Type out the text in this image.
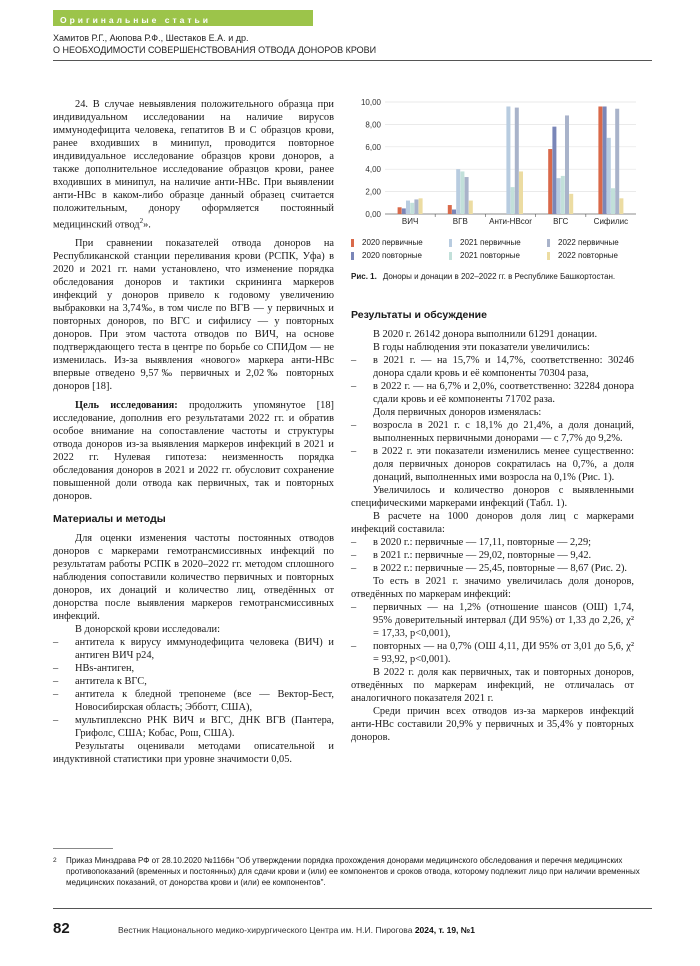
Оригинальные статьи
Хамитов Р.Г., Аюпова Р.Ф., Шестаков Е.А. и др.
О НЕОБХОДИМОСТИ СОВЕРШЕНСТВОВАНИЯ ОТВОДА ДОНОРОВ КРОВИ

24. В случае невыявления положительного образца при индивидуальном исследовании на наличие вирусов иммунодефицита человека, гепатитов В и С образцов крови, ранее входивших в минипул, проводится повторное индивидуальное исследование образцов крови доноров, а также дополнительное исследование образцов крови, ранее входивших в минипул, на наличие анти-HBc. При выявлении анти-HBc в каком-либо образце данный образец считается положительным, донору оформляется постоянный медицинский отвод$^2$».

При сравнении показателей отвода доноров на Республиканской станции переливания крови (РСПК, Уфа) в 2020 и 2021 гг. нами установлено, что изменение порядка обследования доноров и тактики скрининга маркеров инфекций у доноров привело к годовому увеличению выбраковки на 3,74‰, в том числе по ВГВ — у первичных и повторных доноров, по ВГС и сифилису — у повторных доноров. При этом частота отводов по ВИЧ, на основе подтверждающего теста в центре по борьбе со СПИДом — не изменилась. Из-за выявления «нового» маркера анти-HBc впервые отведено 9,57‰ первичных и 2,02‰ повторных доноров [18].

Цель исследования: продолжить упомянутое [18] исследование, дополнив его результатами 2022 гг. и обратив особое внимание на сопоставление частоты и структуры отвода доноров из-за выявления маркеров инфекций в 2021 и 2022 гг. Нулевая гипотеза: неизменность порядка обследования доноров в 2021 и 2022 гг. обусловит сохранение повышенной доли отвода как первичных, так и повторных доноров.

Материалы и методы

Для оценки изменения частоты постоянных отводов доноров с маркерами гемотрансмиссивных инфекций по результатам работы РСПК в 2020–2022 гг. методом сплошного наблюдения сопоставили количество первичных и повторных доноров, их донаций и количество лиц, отведённых от донорства после выявления маркеров гемотрансмиссивных инфекций.

В донорской крови исследовали:

– антитела к вирусу иммунодефицита человека (ВИЧ) и антиген ВИЧ р24,
– HBs-антиген,
– антитела к ВГС,
– антитела к бледной трепонеме (все — Вектор-Бест, Новосибирская область; Эбботт, США),
– мультиплексно РНК ВИЧ и ВГС, ДНК ВГВ (Пантера, Грифолс, США; Кобас, Рош, США).

Результаты оценивали методами описательной и индуктивной статистики при уровне значимости 0,05.

0,00
2,00
4,00
6,00
8,00
10,00
ВИЧ	ВГВ	Анти-HBcor	ВГС	Сифилис
2020 первичные	2021 первичные	2022 первичные
2020 повторные	2021 повторные	2022 повторные
Рис. 1. Доноры и донации в 202–2022 гг. в Республике Башкортостан.
Результаты и обсуждение

В 2020 г. 26142 донора выполнили 61291 донации.

В годы наблюдения эти показатели увеличились:

– в 2021 г. — на 15,7% и 14,7%, соответственно: 30246 донора сдали кровь и её компоненты 70304 раза,
– в 2022 г. — на 6,7% и 2,0%, соответственно: 32284 донора сдали кровь и её компоненты 71702 раза.

Доля первичных доноров изменялась:

– возросла в 2021 г. с 18,1% до 21,4%, а доля донаций, выполненных первичными донорами — с 7,7% до 9,2%.
– в 2022 г. эти показатели изменились менее существенно: доля первичных доноров сократилась на 0,7%, а доля донаций, выполненных ими возросла на 0,1% (Рис. 1).

Увеличилось и количество доноров с выявленными специфическими маркерами инфекций (Табл. 1).

В расчете на 1000 доноров доля лиц с маркерами инфекций составила:

– в 2020 г.: первичные — 17,11, повторные — 2,29;
– в 2021 г.: первичные — 29,02, повторные — 9,42.
– в 2022 г.: первичные — 25,45, повторные — 8,67 (Рис. 2).

То есть в 2021 г. значимо увеличилась доля доноров, отведённых по маркерам инфекций:

– первичных — на 1,2% (отношение шансов (ОШ) 1,74, 95% доверительный интервал (ДИ 95%) от 1,33 до 2,26, χ² = 17,33, p<0,001),
– повторных — на 0,7% (ОШ 4,11, ДИ 95% от 3,01 до 5,6, χ² = 93,92, p<0,001).

В 2022 г. доля как первичных, так и повторных доноров, отведённых по маркерам инфекций, не отличалась от аналогичного показателя 2021 г.

Среди причин всех отводов из-за маркеров инфекций анти-HBc составили 20,9% у первичных и 35,4% у повторных доноров.

2	Приказ Минздрава РФ от 28.10.2020 №1166н "Об утверждении порядка прохождения донорами медицинского обследования и перечня медицинских противопоказаний (временных и постоянных) для сдачи крови и (или) ее компонентов и сроков отвода, которому подлежит лицо при наличии временных медицинских показаний, от донорства крови и (или) ее компонентов".
82	Вестник Национального медико-хирургического Центра им. Н.И. Пирогова 2024, т. 19, №1
